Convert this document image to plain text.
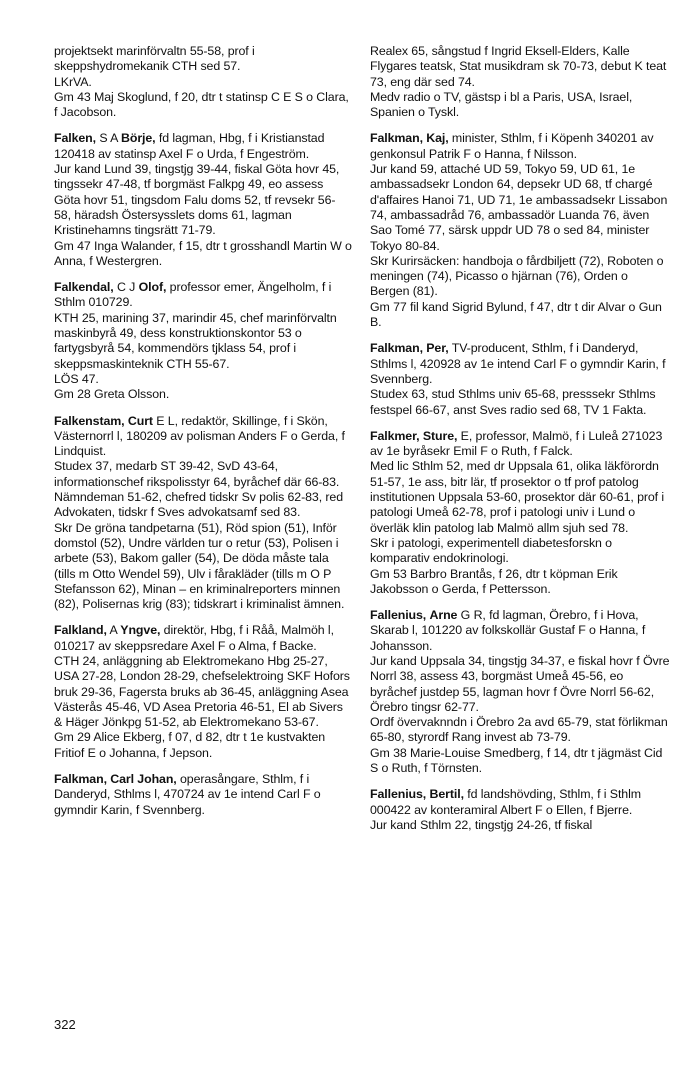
projektsekt marinförvaltn 55-58, prof i skeppshydromekanik CTH sed 57.

LKrVA.

Gm 43 Maj Skoglund, f 20, dtr t statinsp C E S o Clara, f Jacobson.

Falken, S A Börje, fd lagman, Hbg, f i Kristianstad 120418 av statinsp Axel F o Urda, f Engeström.

Jur kand Lund 39, tingstjg 39-44, fiskal Göta hovr 45, tingssekr 47-48, tf borgmäst Falkpg 49, eo assess Göta hovr 51, tingsdom Falu doms 52, tf revsekr 56-58, häradsh Östersysslets doms 61, lagman Kristinehamns tingsrätt 71-79.

Gm 47 Inga Walander, f 15, dtr t grosshandl Martin W o Anna, f Westergren.

Falkendal, C J Olof, professor emer, Ängelholm, f i Sthlm 010729.

KTH 25, marining 37, marindir 45, chef marinförvaltn maskinbyrå 49, dess konstruktionskontor 53 o fartygsbyrå 54, kommendörs tjklass 54, prof i skeppsmaskinteknik CTH 55-67.

LÖS 47.

Gm 28 Greta Olsson.

Falkenstam, Curt E L, redaktör, Skillinge, f i Skön, Västernorrl l, 180209 av polisman Anders F o Gerda, f Lindquist.

Studex 37, medarb ST 39-42, SvD 43-64, informationschef rikspolisstyr 64, byråchef där 66-83.

Nämndeman 51-62, chefred tidskr Sv polis 62-83, red Advokaten, tidskr f Sves advokatsamf sed 83.

Skr De gröna tandpetarna (51), Röd spion (51), Inför domstol (52), Undre världen tur o retur (53), Polisen i arbete (53), Bakom galler (54), De döda måste tala (tills m Otto Wendel 59), Ulv i fårakläder (tills m O P Stefansson 62), Minan – en kriminalreporters minnen (82), Polisernas krig (83); tidskrart i kriminalist ämnen.

Falkland, A Yngve, direktör, Hbg, f i Råå, Malmöh l, 010217 av skeppsredare Axel F o Alma, f Backe.

CTH 24, anläggning ab Elektromekano Hbg 25-27, USA 27-28, London 28-29, chefselektroing SKF Hofors bruk 29-36, Fagersta bruks ab 36-45, anläggning Asea Västerås 45-46, VD Asea Pretoria 46-51, El ab Sivers & Häger Jönkpg 51-52, ab Elektromekano 53-67.

Gm 29 Alice Ekberg, f 07, d 82, dtr t 1e kustvakten Fritiof E o Johanna, f Jepson.

Falkman, Carl Johan, operasångare, Sthlm, f i Danderyd, Sthlms l, 470724 av 1e intend Carl F o gymndir Karin, f Svennberg.

Realex 65, sångstud f Ingrid Eksell-Elders, Kalle Flygares teatsk, Stat musikdram sk 70-73, debut K teat 73, eng där sed 74.

Medv radio o TV, gästsp i bl a Paris, USA, Israel, Spanien o Tyskl.

Falkman, Kaj, minister, Sthlm, f i Köpenh 340201 av genkonsul Patrik F o Hanna, f Nilsson.

Jur kand 59, attaché UD 59, Tokyo 59, UD 61, 1e ambassadsekr London 64, depsekr UD 68, tf chargé d'affaires Hanoi 71, UD 71, 1e ambassadsekr Lissabon 74, ambassadråd 76, ambassadör Luanda 76, även Sao Tomé 77, särsk uppdr UD 78 o sed 84, minister Tokyo 80-84.

Skr Kurirsäcken: handboja o fårdbiljett (72), Roboten o meningen (74), Picasso o hjärnan (76), Orden o Bergen (81).

Gm 77 fil kand Sigrid Bylund, f 47, dtr t dir Alvar o Gun B.

Falkman, Per, TV-producent, Sthlm, f i Danderyd, Sthlms l, 420928 av 1e intend Carl F o gymndir Karin, f Svennberg.

Studex 63, stud Sthlms univ 65-68, presssekr Sthlms festspel 66-67, anst Sves radio sed 68, TV 1 Fakta.

Falkmer, Sture, E, professor, Malmö, f i Luleå 271023 av 1e byråsekr Emil F o Ruth, f Falck.

Med lic Sthlm 52, med dr Uppsala 61, olika läkförordn 51-57, 1e ass, bitr lär, tf prosektor o tf prof patolog institutionen Uppsala 53-60, prosektor där 60-61, prof i patologi Umeå 62-78, prof i patologi univ i Lund o överläk klin patolog lab Malmö allm sjuh sed 78.

Skr i patologi, experimentell diabetesforskn o komparativ endokrinologi.

Gm 53 Barbro Brantås, f 26, dtr t köpman Erik Jakobsson o Gerda, f Pettersson.

Fallenius, Arne G R, fd lagman, Örebro, f i Hova, Skarab l, 101220 av folkskollär Gustaf F o Hanna, f Johansson.

Jur kand Uppsala 34, tingstjg 34-37, e fiskal hovr f Övre Norrl 38, assess 43, borgmäst Umeå 45-56, eo byråchef justdep 55, lagman hovr f Övre Norrl 56-62, Örebro tingsr 62-77.

Ordf övervaknndn i Örebro 2a avd 65-79, stat förlikman 65-80, styrordf Rang invest ab 73-79.

Gm 38 Marie-Louise Smedberg, f 14, dtr t jägmäst Cid S o Ruth, f Törnsten.

Fallenius, Bertil, fd landshövding, Sthlm, f i Sthlm 000422 av konteramiral Albert F o Ellen, f Bjerre.

Jur kand Sthlm 22, tingstjg 24-26, tf fiskal

322
